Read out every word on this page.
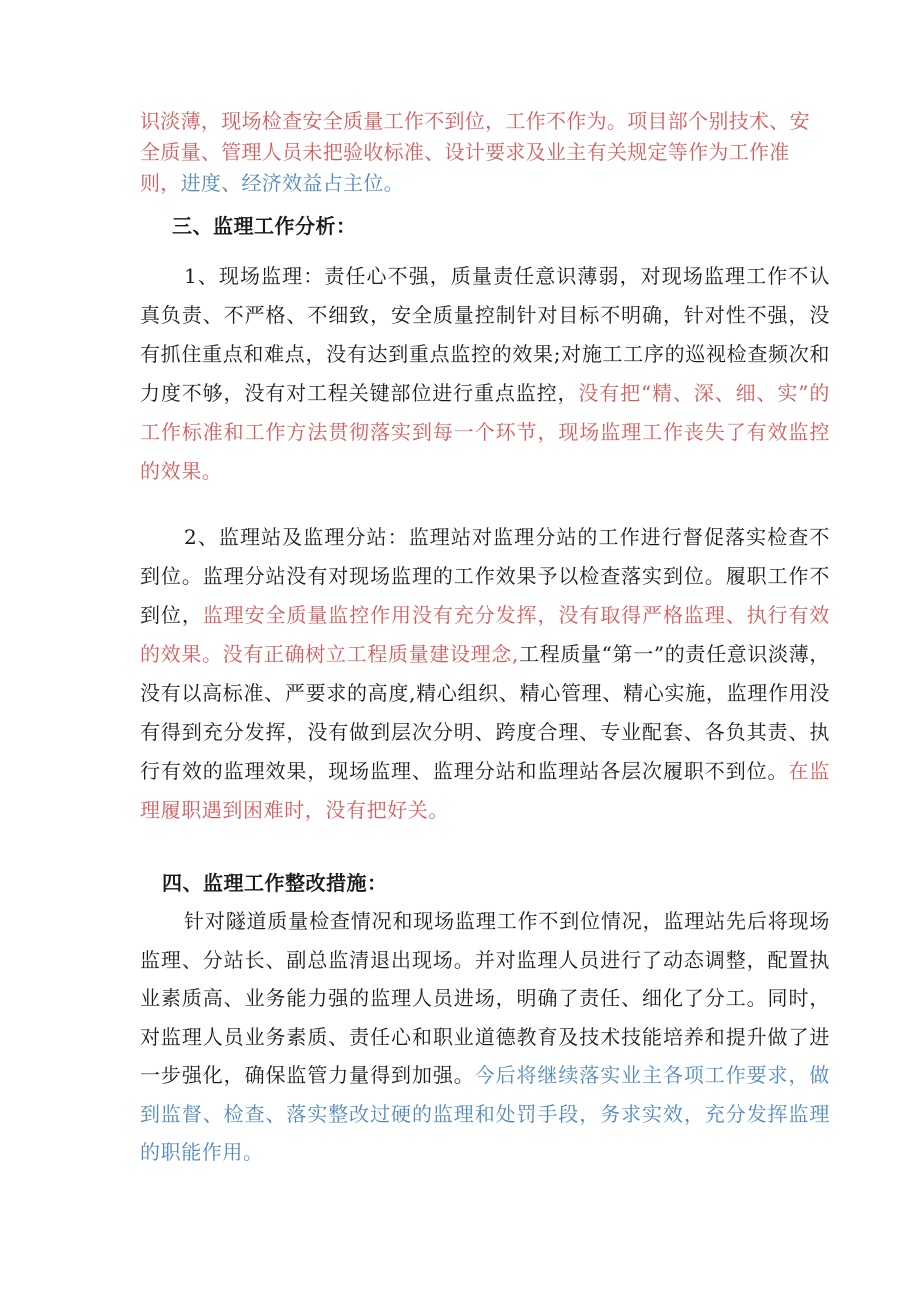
识淡薄，现场检查安全质量工作不到位，工作不作为。项目部个别技术、安全质量、管理人员未把验收标准、设计要求及业主有关规定等作为工作准则，进度、经济效益占主位。

三、监理工作分析：

1、现场监理：责任心不强，质量责任意识薄弱，对现场监理工作不认真负责、不严格、不细致，安全质量控制针对目标不明确，针对性不强，没有抓住重点和难点，没有达到重点监控的效果;对施工工序的巡视检查频次和力度不够，没有对工程关键部位进行重点监控，没有把“精、深、细、实”的工作标准和工作方法贯彻落实到每一个环节，现场监理工作丧失了有效监控的效果。

2、监理站及监理分站：监理站对监理分站的工作进行督促落实检查不到位。监理分站没有对现场监理的工作效果予以检查落实到位。履职工作不到位，监理安全质量监控作用没有充分发挥，没有取得严格监理、执行有效的效果。没有正确树立工程质量建设理念,工程质量“第一”的责任意识淡薄，没有以高标准、严要求的高度,精心组织、精心管理、精心实施，监理作用没有得到充分发挥，没有做到层次分明、跨度合理、专业配套、各负其责、执行有效的监理效果，现场监理、监理分站和监理站各层次履职不到位。在监理履职遇到困难时，没有把好关。

四、监理工作整改措施：

针对隧道质量检查情况和现场监理工作不到位情况，监理站先后将现场监理、分站长、副总监清退出现场。并对监理人员进行了动态调整，配置执业素质高、业务能力强的监理人员进场，明确了责任、细化了分工。同时，对监理人员业务素质、责任心和职业道德教育及技术技能培养和提升做了进一步强化，确保监管力量得到加强。今后将继续落实业主各项工作要求，做到监督、检查、落实整改过硬的监理和处罚手段，务求实效，充分发挥监理的职能作用。
